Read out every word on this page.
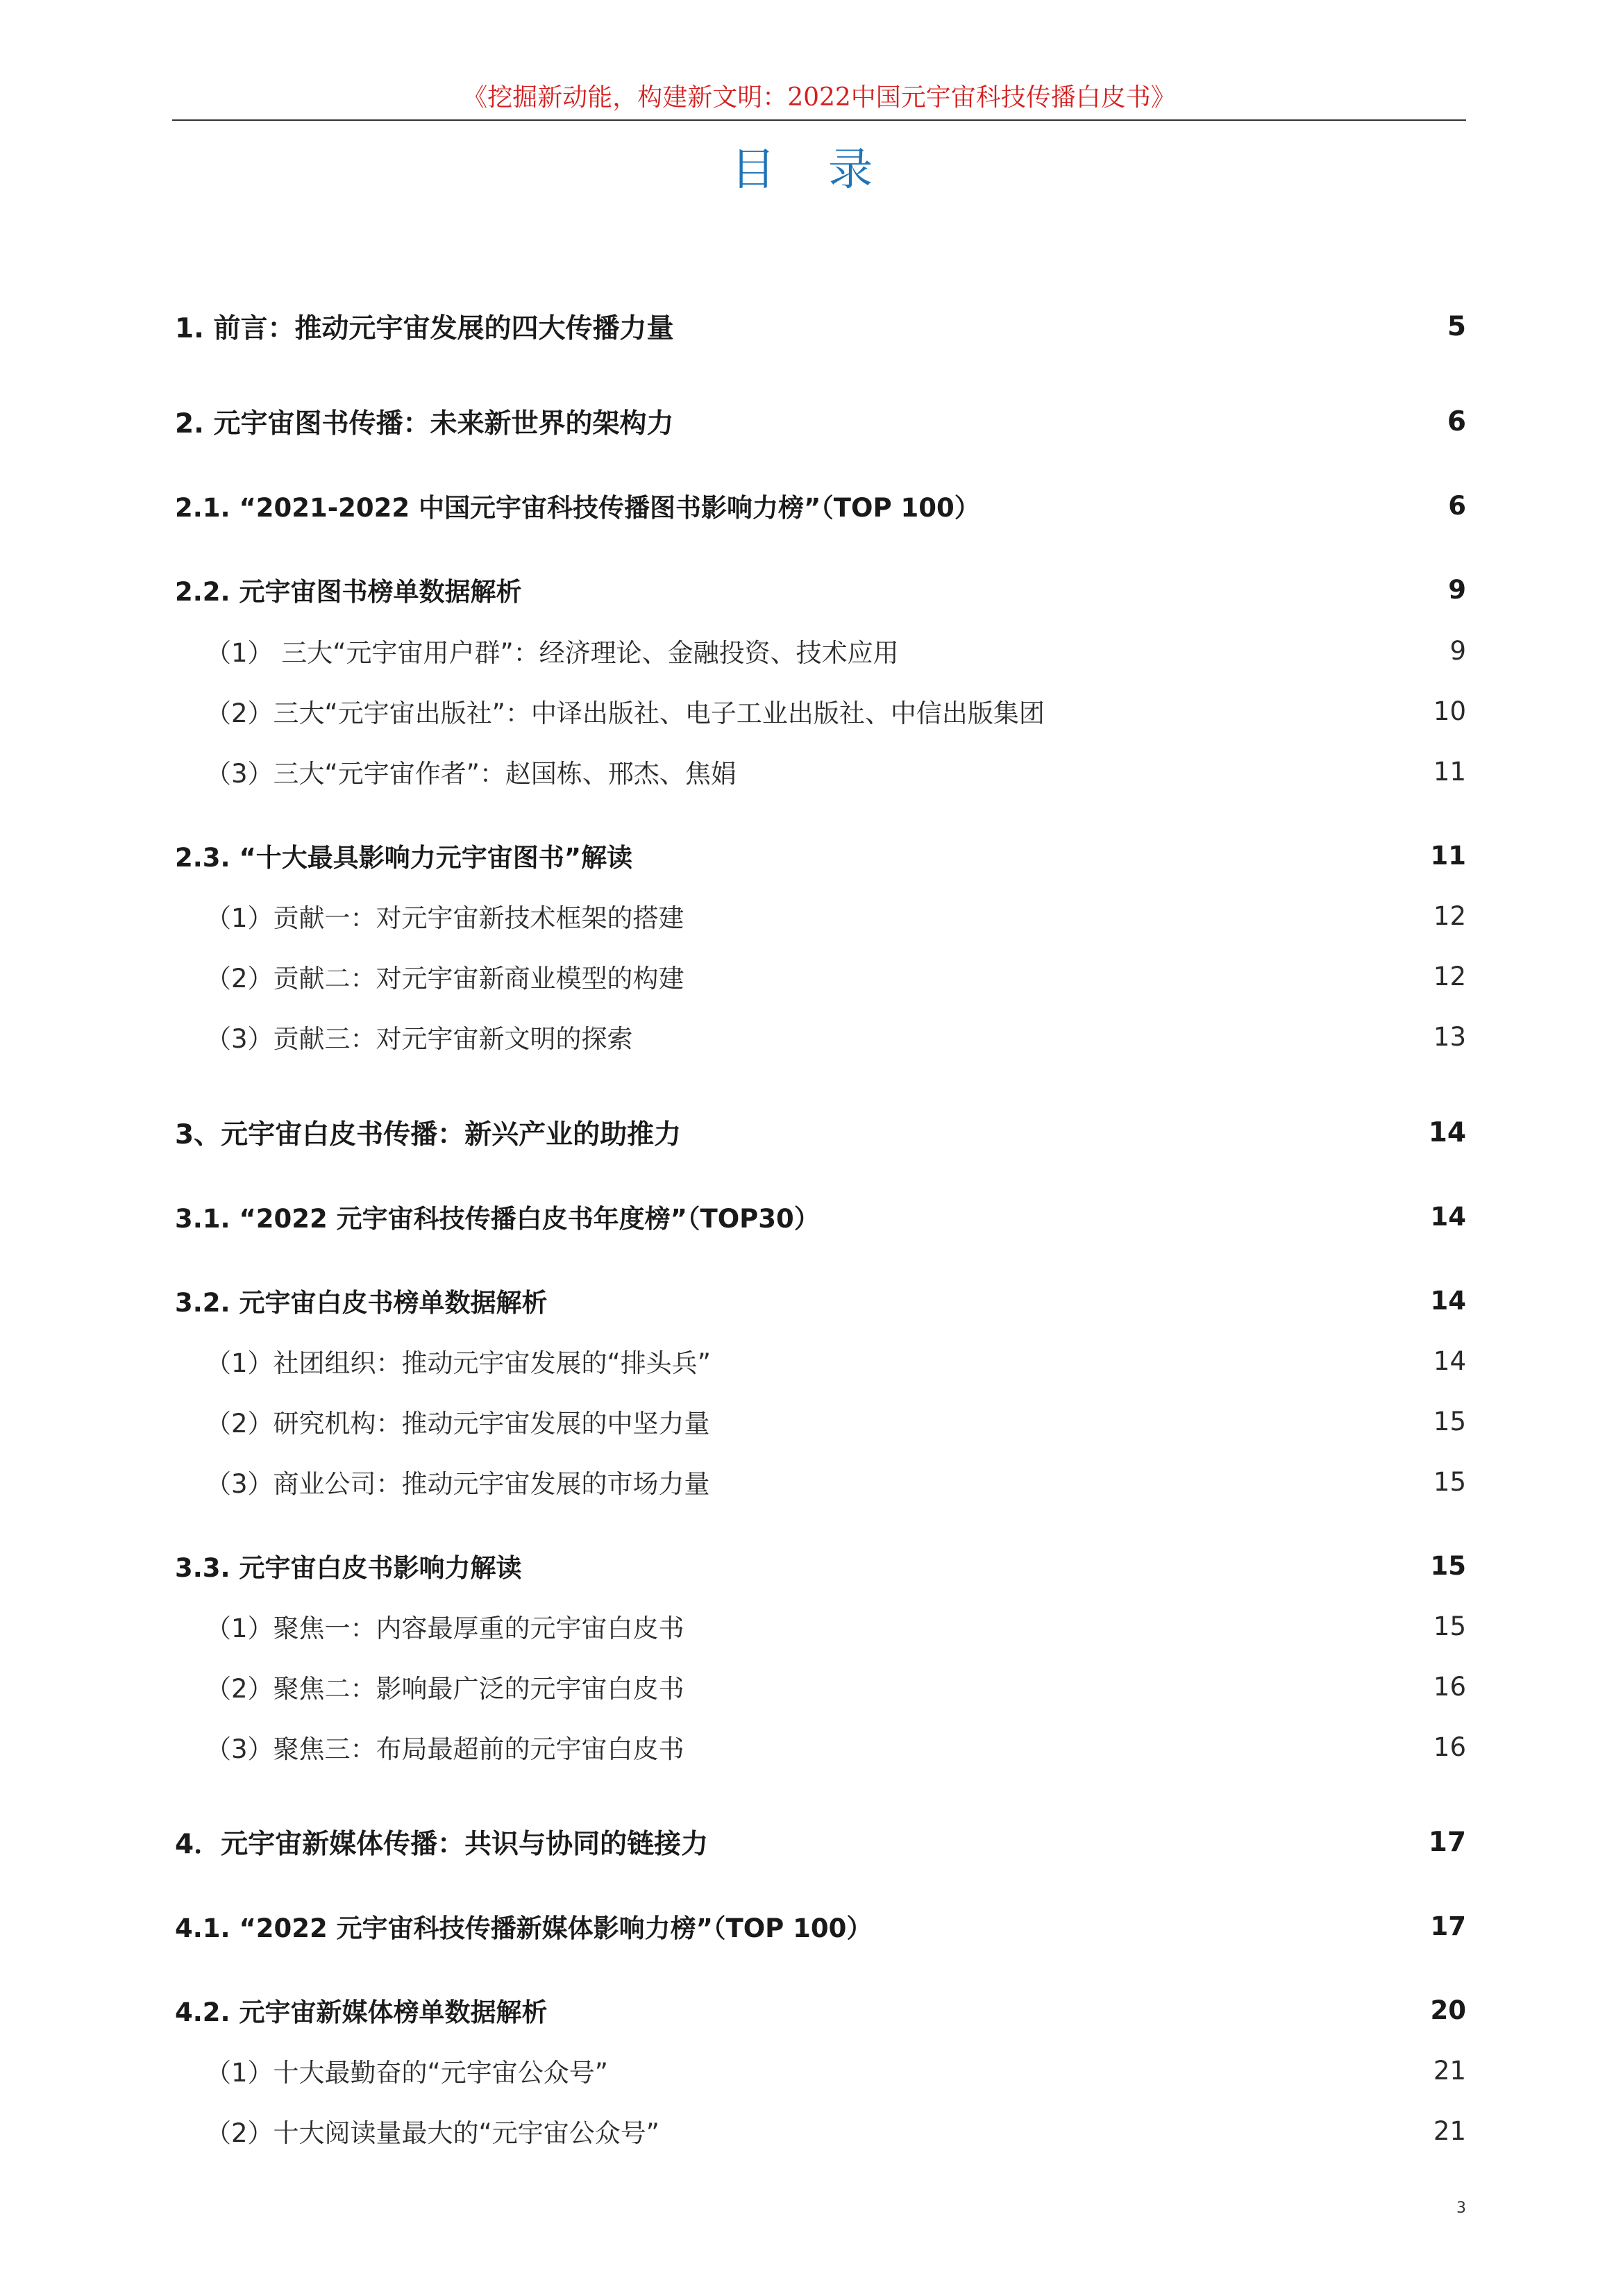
《挖掘新动能，构建新文明：2022中国元宇宙科技传播白皮书》
目 录
1. 前言：推动元宇宙发展的四大传播力量	5
2. 元宇宙图书传播：未来新世界的架构力	6
2.1. “2021-2022 中国元宇宙科技传播图书影响力榜”（TOP 100）	6
2.2. 元宇宙图书榜单数据解析	9
（1） 三大“元宇宙用户群”：经济理论、金融投资、技术应用	9
（2）三大“元宇宙出版社”：中译出版社、电子工业出版社、中信出版集团	10
（3）三大“元宇宙作者”：赵国栋、邢杰、焦娟	11
2.3. “十大最具影响力元宇宙图书”解读	11
（1）贡献一：对元宇宙新技术框架的搭建	12
（2）贡献二：对元宇宙新商业模型的构建	12
（3）贡献三：对元宇宙新文明的探索	13
3、元宇宙白皮书传播：新兴产业的助推力	14
3.1. “2022 元宇宙科技传播白皮书年度榜”（TOP30）	14
3.2. 元宇宙白皮书榜单数据解析	14
（1）社团组织：推动元宇宙发展的“排头兵”	14
（2）研究机构：推动元宇宙发展的中坚力量	15
（3）商业公司：推动元宇宙发展的市场力量	15
3.3. 元宇宙白皮书影响力解读	15
（1）聚焦一：内容最厚重的元宇宙白皮书	15
（2）聚焦二：影响最广泛的元宇宙白皮书	16
（3）聚焦三：布局最超前的元宇宙白皮书	16
4．元宇宙新媒体传播：共识与协同的链接力	17
4.1. “2022 元宇宙科技传播新媒体影响力榜”（TOP 100）	17
4.2. 元宇宙新媒体榜单数据解析	20
（1）十大最勤奋的“元宇宙公众号”	21
（2）十大阅读量最大的“元宇宙公众号”	21
3
